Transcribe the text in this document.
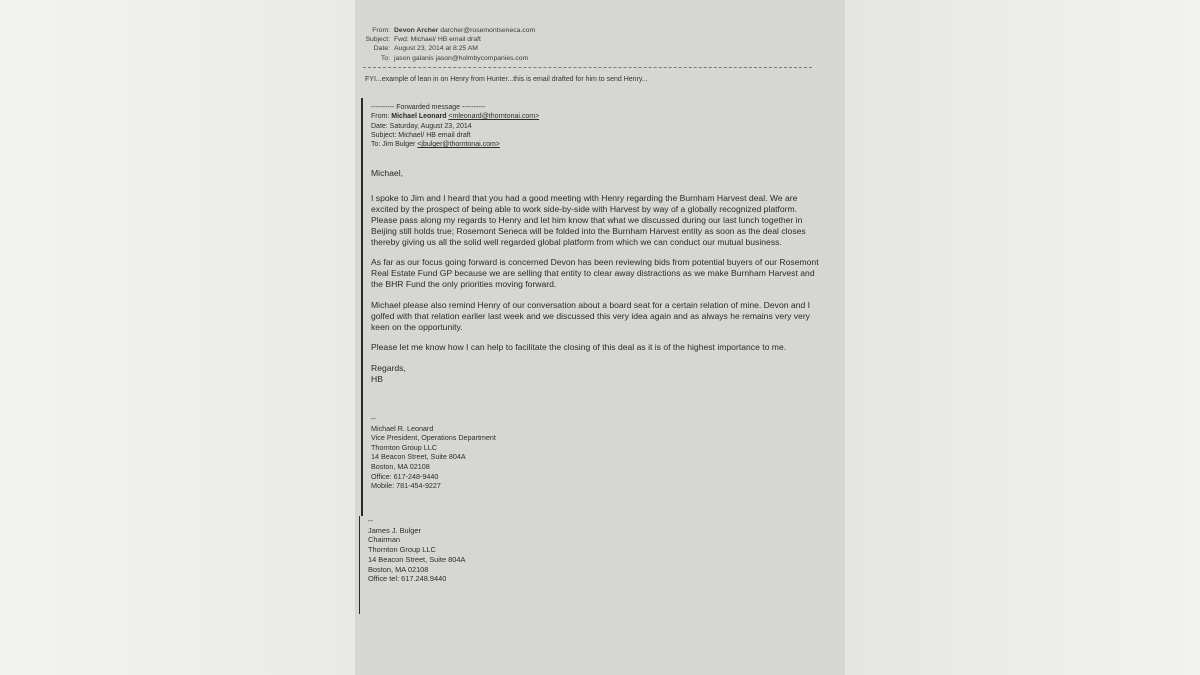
From: Devon Archer darcher@rosemontseneca.com
Subject: Fwd: Michael/ HB email draft
Date: August 23, 2014 at 8:25 AM
To: jason galanis jason@holmbycompanies.com
FYI...example of lean in on Henry from Hunter...this is email drafted for him to send Henry...
---------- Forwarded message ----------
From: Michael Leonard <mleonard@thorntonai.com>
Date: Saturday, August 23, 2014
Subject: Michael/ HB email draft
To: Jim Bulger <jbulger@thorntonai.com>

Michael,

I spoke to Jim and I heard that you had a good meeting with Henry regarding the Burnham Harvest deal. We are excited by the prospect of being able to work side-by-side with Harvest by way of a globally recognized platform. Please pass along my regards to Henry and let him know that what we discussed during our last lunch together in Beijing still holds true; Rosemont Seneca will be folded into the Burnham Harvest entity as soon as the deal closes thereby giving us all the solid well regarded global platform from which we can conduct our mutual business.

As far as our focus going forward is concerned Devon has been reviewing bids from potential buyers of our Rosemont Real Estate Fund GP because we are selling that entity to clear away distractions as we make Burnham Harvest and the BHR Fund the only priorities moving forward.

Michael please also remind Henry of our conversation about a board seat for a certain relation of mine. Devon and I golfed with that relation earlier last week and we discussed this very idea again and as always he remains very very keen on the opportunity.

Please let me know how I can help to facilitate the closing of this deal as it is of the highest importance to me.

Regards,
HB
--
Michael R. Leonard
Vice President, Operations Department
Thornton Group LLC
14 Beacon Street, Suite 804A
Boston, MA 02108
Office: 617-248-9440
Mobile: 781-454-9227
--
James J. Bulger
Chairman
Thornton Group LLC
14 Beacon Street, Suite 804A
Boston, MA 02108
Office tel: 617.248.9440
